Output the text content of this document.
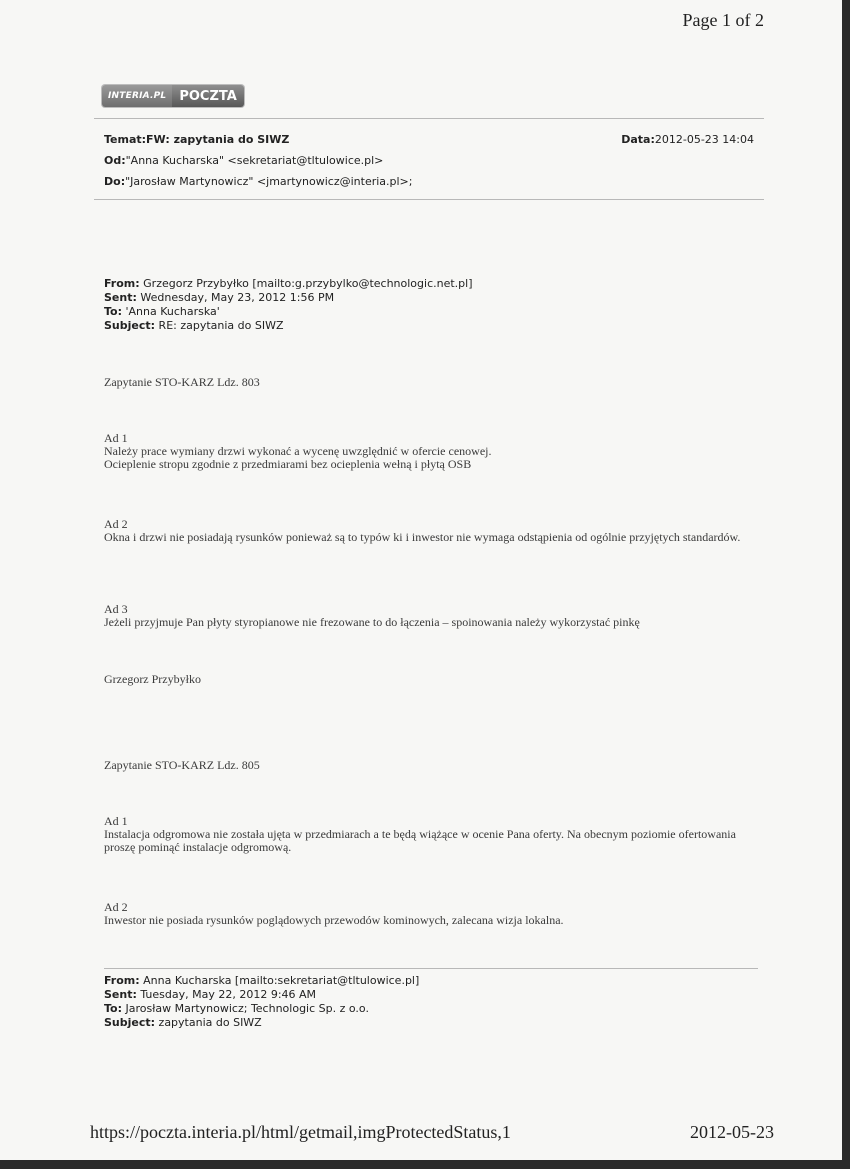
Page 1 of 2
INTERIA.PL	POCZTA
Temat:FW: zapytania do SIWZ	Data:2012-05-23 14:04
Od:"Anna Kucharska" <sekretariat@tltulowice.pl>
Do:"Jarosław Martynowicz" <jmartynowicz@interia.pl>;
From: Grzegorz Przybyłko [mailto:g.przybylko@technologic.net.pl]
Sent: Wednesday, May 23, 2012 1:56 PM
To: 'Anna Kucharska'
Subject: RE: zapytania do SIWZ
Zapytanie STO-KARZ Ldz. 803
Ad 1
Należy prace wymiany drzwi wykonać a wycenę uwzględnić w ofercie cenowej.
Ocieplenie stropu zgodnie z przedmiarami bez ocieplenia wełną i płytą OSB
Ad 2
Okna i drzwi nie posiadają rysunków ponieważ są to typów ki i inwestor nie wymaga odstąpienia od ogólnie przyjętych standardów.
Ad 3
Jeżeli przyjmuje Pan płyty styropianowe nie frezowane to do łączenia – spoinowania należy wykorzystać pinkę
Grzegorz Przybyłko
Zapytanie STO-KARZ Ldz. 805
Ad 1
Instalacja odgromowa nie została ujęta w przedmiarach a te będą wiążące w ocenie Pana oferty. Na obecnym poziomie ofertowania proszę pominąć instalacje odgromową.
Ad 2
Inwestor nie posiada rysunków poglądowych przewodów kominowych, zalecana wizja lokalna.
From: Anna Kucharska [mailto:sekretariat@tltulowice.pl]
Sent: Tuesday, May 22, 2012 9:46 AM
To: Jarosław Martynowicz; Technologic Sp. z o.o.
Subject: zapytania do SIWZ
https://poczta.interia.pl/html/getmail,imgProtectedStatus,1	2012-05-23
